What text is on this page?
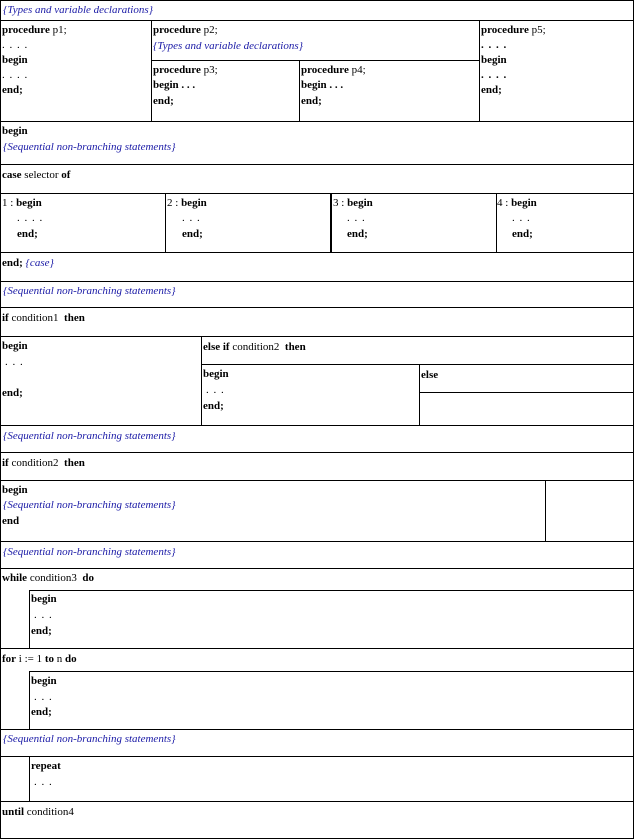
{Types and variable declarations}
procedure p1;
. . . .
begin
. . . .
end;
procedure p2;
{Types and variable declarations}
procedure p3;
begin . . .
end;
procedure p4;
begin . . .
end;
procedure p5;
. . . .
begin
. . . .
end;
begin
{Sequential non-branching statements}
case selector of
1 : begin
. . . .
end;
2 : begin
. . .
end;
3 : begin
. . .
end;
4 : begin
. . .
end;
end; {case}
{Sequential non-branching statements}
if condition1 then
begin
. . .
end;
else if condition2 then
begin
. . .
end;
else
{Sequential non-branching statements}
if condition2 then
begin
{Sequential non-branching statements}
end
{Sequential non-branching statements}
while condition3 do
begin
. . .
end;
for i := 1 to n do
begin
. . .
end;
{Sequential non-branching statements}
repeat
. . .
until condition4
